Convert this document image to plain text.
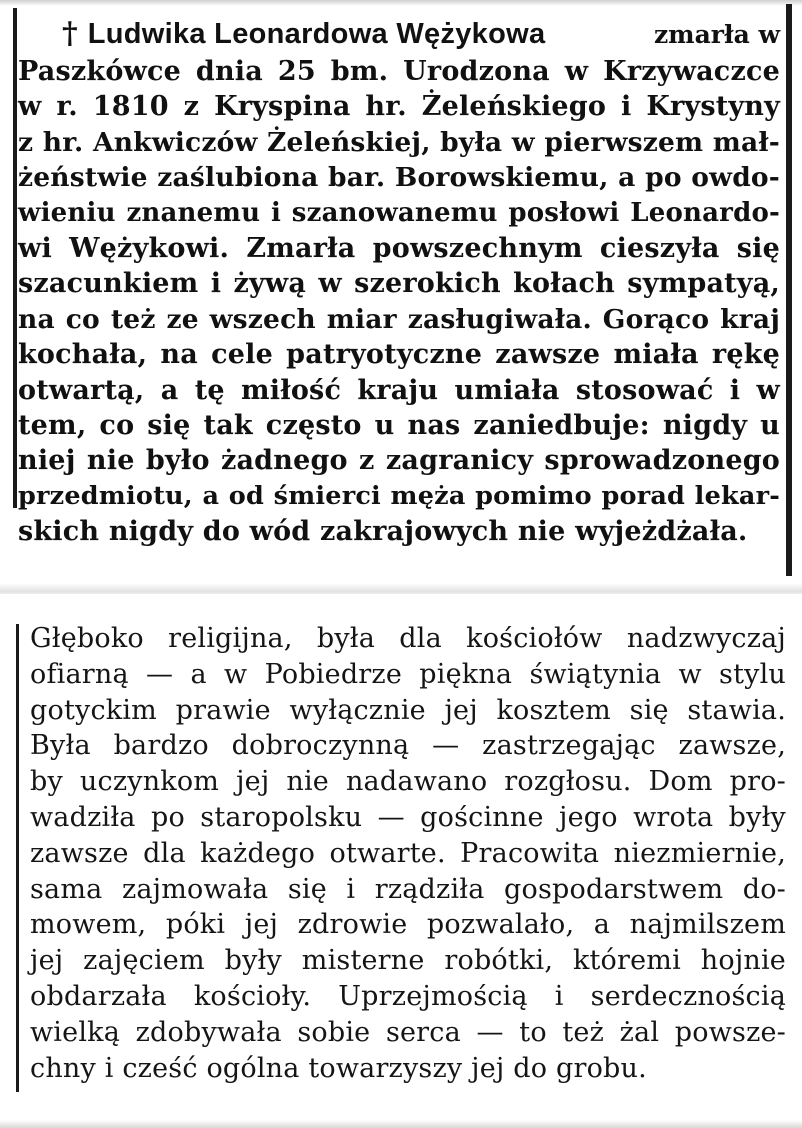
† Ludwika Leonardowa Wężykowa	zmarła w
Paszkówce dnia 25 bm. Urodzona w Krzywaczce
w r. 1810 z Kryspina hr. Żeleńskiego i Krystyny
z hr. Ankwiczów Żeleńskiej, była w pierwszem mał-
żeństwie zaślubiona bar. Borowskiemu, a po owdo-
wieniu znanemu i szanowanemu posłowi Leonardo-
wi Wężykowi. Zmarła powszechnym cieszyła się
szacunkiem i żywą w szerokich kołach sympatyą,
na co też ze wszech miar zasługiwała. Gorąco kraj
kochała, na cele patryotyczne zawsze miała rękę
otwartą, a tę miłość kraju umiała stosować i w
tem, co się tak często u nas zaniedbuje: nigdy u
niej nie było żadnego z zagranicy sprowadzonego
przedmiotu, a od śmierci męża pomimo porad lekar-
skich nigdy do wód zakrajowych nie wyjeżdżała.
Głęboko religijna, była dla kościołów nadzwyczaj
ofiarną — a w Pobiedrze piękna świątynia w stylu
gotyckim prawie wyłącznie jej kosztem się stawia.
Była bardzo dobroczynną — zastrzegając zawsze,
by uczynkom jej nie nadawano rozgłosu. Dom pro-
wadziła po staropolsku — gościnne jego wrota były
zawsze dla każdego otwarte. Pracowita niezmiernie,
sama zajmowała się i rządziła gospodarstwem do-
mowem, póki jej zdrowie pozwalało, a najmilszem
jej zajęciem były misterne robótki, któremi hojnie
obdarzała kościoły. Uprzejmością i serdecznością
wielką zdobywała sobie serca — to też żal powsze-
chny i cześć ogólna towarzyszy jej do grobu.
